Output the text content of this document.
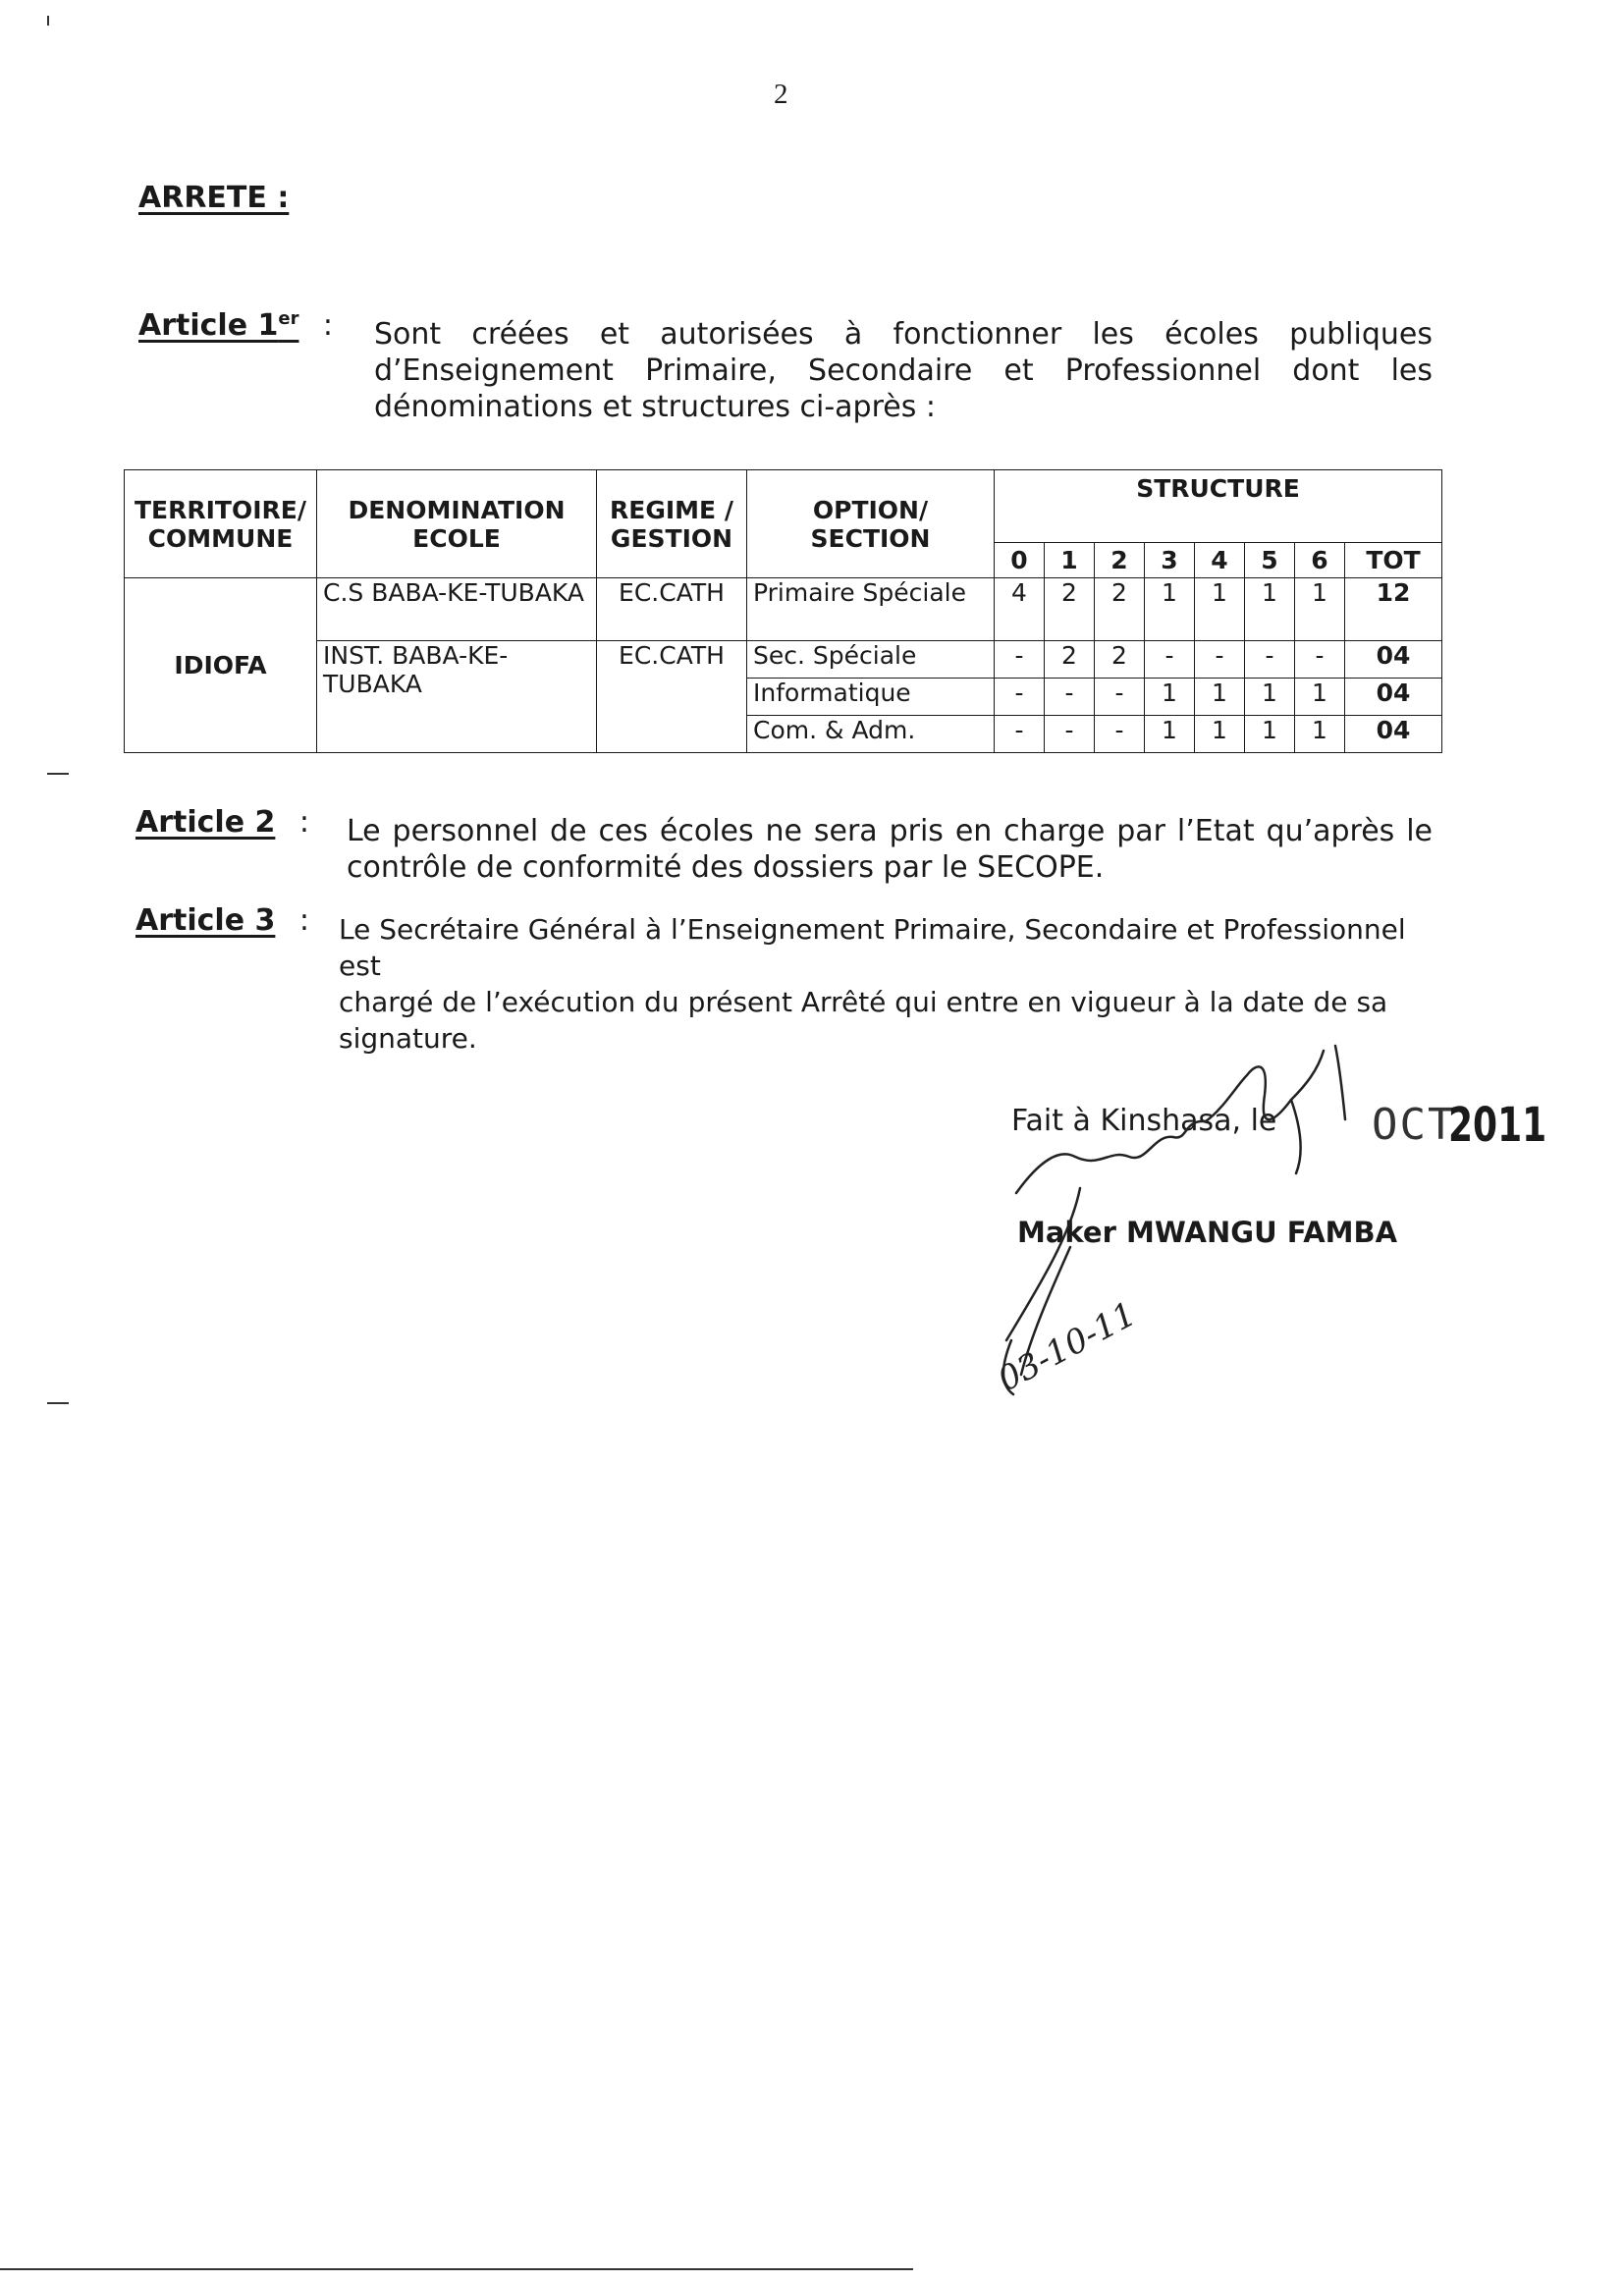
2
ARRETE :
Article 1er : Sont créées et autorisées à fonctionner les écoles publiques
d’Enseignement Primaire, Secondaire et Professionnel dont les
dénominations et structures ci-après :
TERRITOIRE/ COMMUNE	DENOMINATION ECOLE	REGIME / GESTION	OPTION/ SECTION	STRUCTURE							
				0	1	2	3	4	5	6	TOT
IDIOFA	C.S BABA-KE-TUBAKA	EC.CATH	Primaire Spéciale	4	2	2	1	1	1	1	12
	INST. BABA-KE-TUBAKA	EC.CATH	Sec. Spéciale	-	2	2	-	-	-	-	04
			Informatique	-	-	-	1	1	1	1	04
			Com. & Adm.	-	-	-	1	1	1	1	04
Article 2 : Le personnel de ces écoles ne sera pris en charge par l’Etat qu’après le
contrôle de conformité des dossiers par le SECOPE.
Article 3 : Le Secrétaire Général à l’Enseignement Primaire, Secondaire et Professionnel est
chargé de l’exécution du présent Arrêté qui entre en vigueur à la date de sa
signature.
Fait à Kinshasa, le OCT
2011
Maker MWANGU FAMBA
03-10-11
